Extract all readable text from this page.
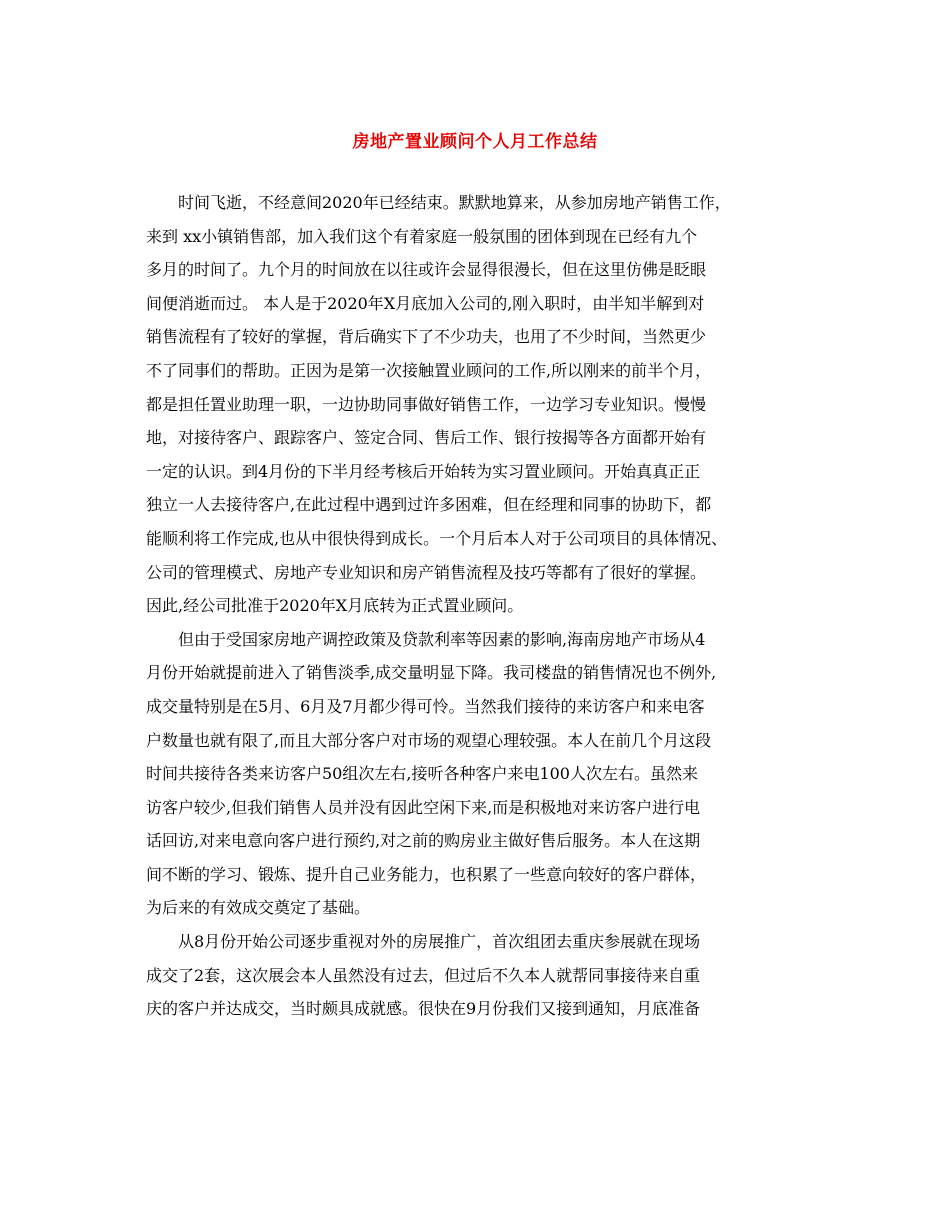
房地产置业顾问个人月工作总结
时间飞逝，不经意间2020年已经结束。默默地算来，从参加房地产销售工作，
来到 xx小镇销售部，加入我们这个有着家庭一般氛围的团体到现在已经有九个
多月的时间了。九个月的时间放在以往或许会显得很漫长，但在这里仿佛是眨眼
间便消逝而过。 本人是于2020年X月底加入公司的,刚入职时，由半知半解到对
销售流程有了较好的掌握，背后确实下了不少功夫，也用了不少时间，当然更少
不了同事们的帮助。正因为是第一次接触置业顾问的工作,所以刚来的前半个月，
都是担任置业助理一职，一边协助同事做好销售工作，一边学习专业知识。慢慢
地，对接待客户、跟踪客户、签定合同、售后工作、银行按揭等各方面都开始有
一定的认识。到4月份的下半月经考核后开始转为实习置业顾问。开始真真正正
独立一人去接待客户,在此过程中遇到过许多困难，但在经理和同事的协助下，都
能顺利将工作完成,也从中很快得到成长。一个月后本人对于公司项目的具体情况、
公司的管理模式、房地产专业知识和房产销售流程及技巧等都有了很好的掌握。
因此,经公司批准于2020年X月底转为正式置业顾问。
但由于受国家房地产调控政策及贷款利率等因素的影响,海南房地产市场从4
月份开始就提前进入了销售淡季,成交量明显下降。我司楼盘的销售情况也不例外,
成交量特别是在5月、6月及7月都少得可怜。当然我们接待的来访客户和来电客
户数量也就有限了,而且大部分客户对市场的观望心理较强。本人在前几个月这段
时间共接待各类来访客户50组次左右,接听各种客户来电100人次左右。虽然来
访客户较少,但我们销售人员并没有因此空闲下来,而是积极地对来访客户进行电
话回访,对来电意向客户进行预约,对之前的购房业主做好售后服务。本人在这期
间不断的学习、锻炼、提升自己业务能力，也积累了一些意向较好的客户群体，
为后来的有效成交奠定了基础。
从8月份开始公司逐步重视对外的房展推广，首次组团去重庆参展就在现场
成交了2套，这次展会本人虽然没有过去，但过后不久本人就帮同事接待来自重
庆的客户并达成交，当时颇具成就感。很快在9月份我们又接到通知，月底准备
